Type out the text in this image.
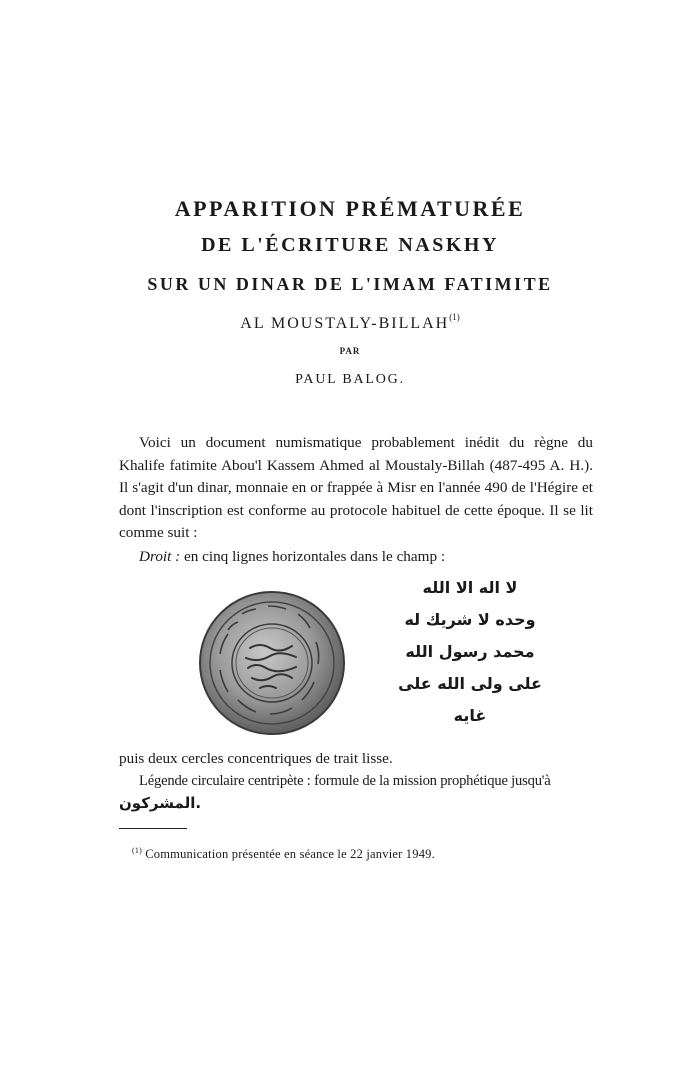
APPARITION PRÉMATURÉE
DE L'ÉCRITURE NASKHY
SUR UN DINAR DE L'IMAM FATIMITE
AL MOUSTALY-BILLAH$^{(1)}$
PAR
PAUL BALOG.
Voici un document numismatique probablement inédit du règne du Khalife fatimite Abou'l Kassem Ahmed al Moustaly-Billah (487-495 A. H.). Il s'agit d'un dinar, monnaie en or frappée à Misr en l'année 490 de l'Hégire et dont l'inscription est conforme au protocole habituel de cette époque. Il se lit comme suit :
Droit : en cinq lignes horizontales dans le champ :
لا اله الا الله
وحده لا شريك له
محمد رسول الله
على ولى الله على
غايه
puis deux cercles concentriques de trait lisse.
Légende circulaire centripète : formule de la mission prophétique jusqu'à
المشركون.
$^{(1)}$ Communication présentée en séance le 22 janvier 1949.
